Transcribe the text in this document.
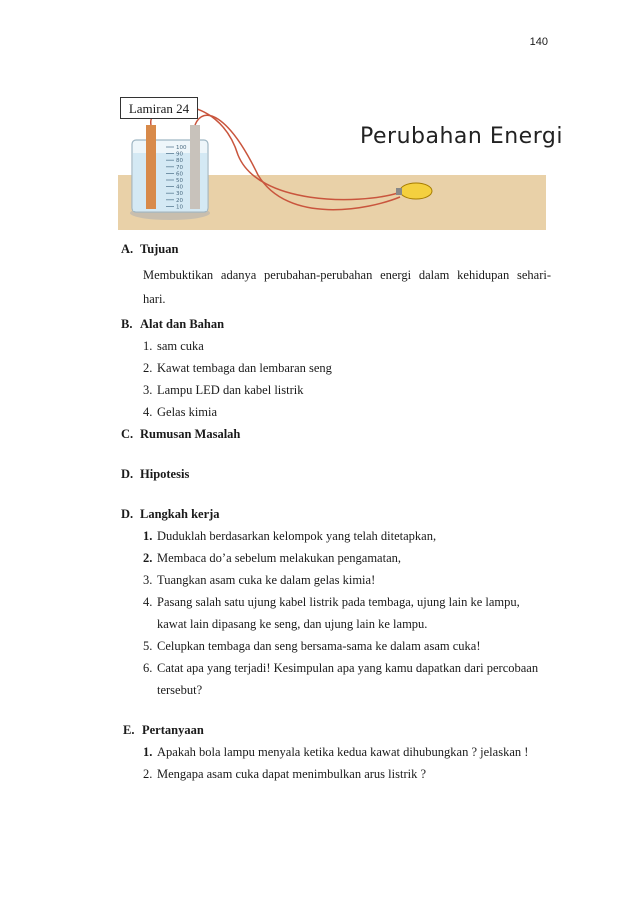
140
100
90
80
70
60
50
40
30
20
10
Lamiran 24
Perubahan Energi

A. Tujuan

Membuktikan adanya perubahan-perubahan energi dalam kehidupan sehari-hari.

B. Alat dan Bahan

1. sam cuka
2. Kawat tembaga dan lembaran seng
3. Lampu LED dan kabel listrik
4. Gelas kimia

C. Rumusan Masalah

D. Hipotesis

D. Langkah kerja

1. Duduklah berdasarkan kelompok yang telah ditetapkan,
2. Membaca do’a sebelum melakukan pengamatan,
3. Tuangkan asam cuka ke dalam gelas kimia!
4. Pasang salah satu ujung kabel listrik pada tembaga, ujung lain ke lampu, kawat lain dipasang ke seng, dan ujung lain ke lampu.
5. Celupkan tembaga dan seng bersama-sama ke dalam asam cuka!
6. Catat apa yang terjadi! Kesimpulan apa yang kamu dapatkan dari percobaan tersebut?

E. Pertanyaan

1. Apakah bola lampu menyala ketika kedua kawat dihubungkan ? jelaskan !
2. Mengapa asam cuka dapat menimbulkan arus listrik ?
